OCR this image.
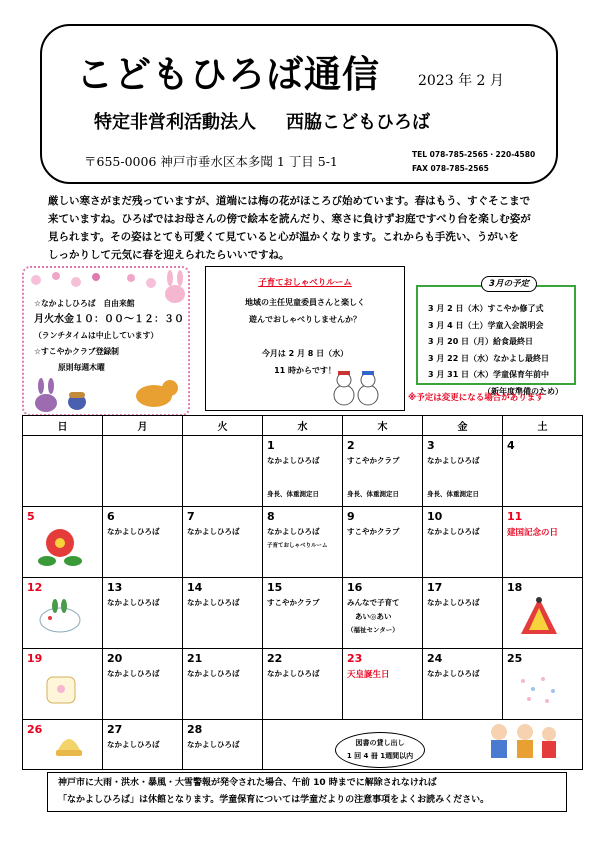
こどもひろば通信	2023 年 2 月
特定非営利活動法人 西脇こどもひろば
〒655-0006 神戸市垂水区本多聞 1 丁目 5-1	TEL 078-785-2565・220-4580
FAX 078-785-2565

厳しい寒さがまだ残っていますが、道端には梅の花がほころび始めています。春はもう、すぐそこまで

来ていますね。ひろばではお母さんの傍で絵本を読んだり、寒さに負けずお庭ですべり台を楽しむ姿が

見られます。その姿はとても可愛くて見ていると心が温かくなります。これからも手洗い、うがいを

しっかりして元気に春を迎えられたらいいですね。

☆なかよしひろば　自由来館
月火水金１０：００～１２：３０
（ランチタイムは中止しています）
☆すこやかクラブ登録制
原則毎週木曜
子育ておしゃべりルーム
地域の主任児童委員さんと楽しく
遊んでおしゃべりしませんか？
今月は 2 月 8 日（水）
11 時からです！
3 月 2 日（木）すこやか修了式
3 月 4 日（土）学童入会説明会
3 月 20 日（月）給食最終日
3 月 22 日（水）なかよし最終日
3 月 31 日（木）学童保育年前中
（新年度準備のため）
3月の予定
※予定は変更になる場合があります
日	月	火	水	木	金	土

			1
なかよしひろば
身長、体重測定日	2
すこやかクラブ
身長、体重測定日	3
なかよしひろば
身長、体重測定日	4

5	6
なかよしひろば	7
なかよしひろば	8
なかよしひろば
子育ておしゃべりルーム	9
すこやかクラブ	10
なかよしひろば	11
建国記念の日

12	13
なかよしひろば	14
なかよしひろば	15
すこやかクラブ	16
みんなで子育て
あい◎あい
（福祉センター）	17
なかよしひろば	18

19	20
なかよしひろば	21
なかよしひろば	22
なかよしひろば	23
天皇誕生日	24
なかよしひろば	25

26	27
なかよしひろば	28
なかよしひろば
		図書の貸し出し
1 回 4 冊 1週間以内
神戸市に大雨・洪水・暴風・大雪警報が発令された場合、午前 10 時までに解除されなければ
「なかよしひろば」は休館となります。学童保育については学童だよりの注意事項をよくお読みください。
